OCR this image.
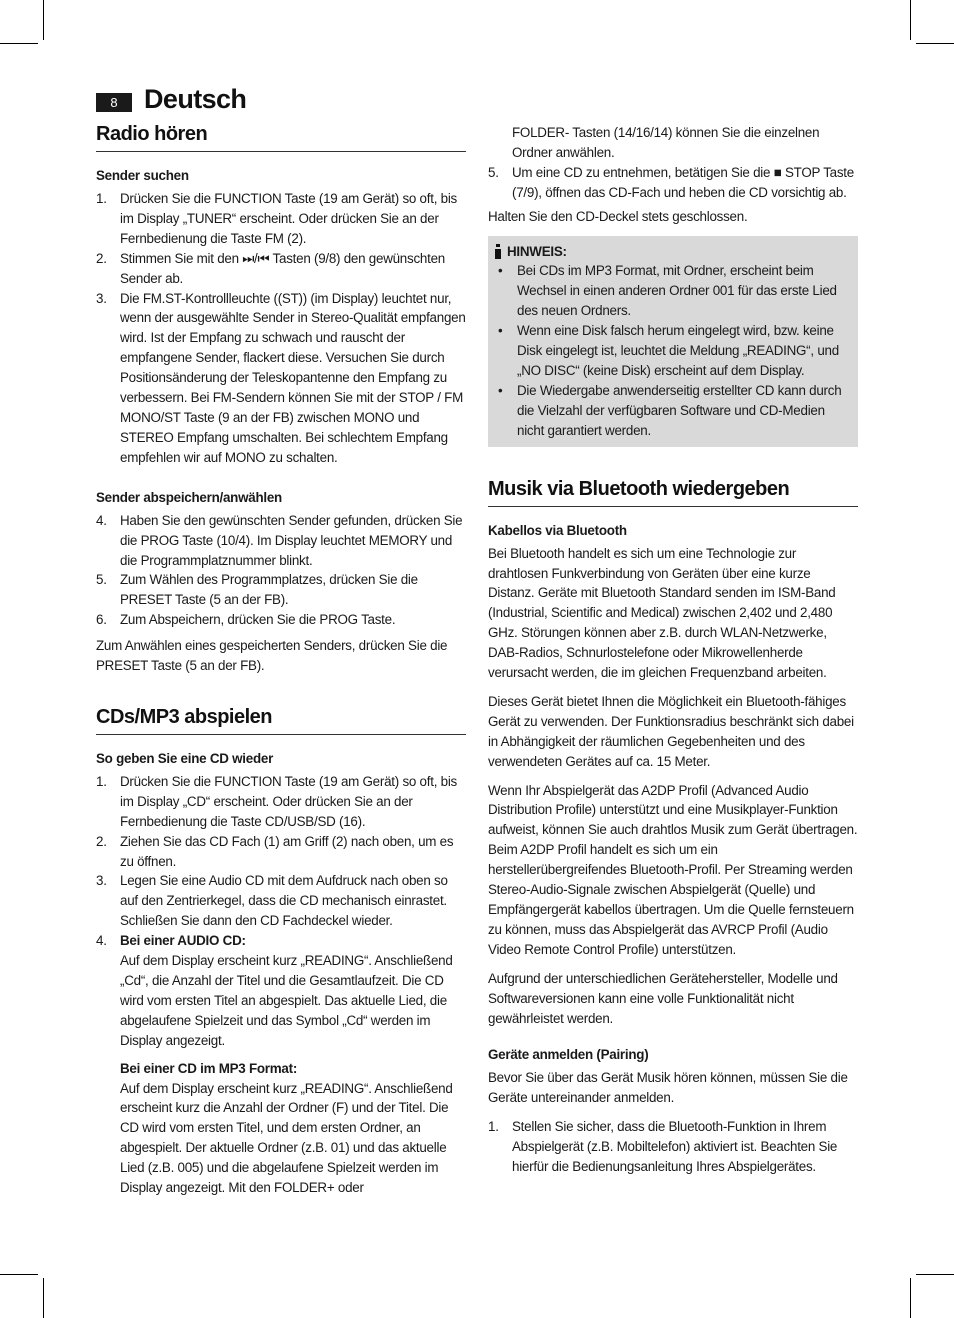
8 Deutsch
Radio hören
Sender suchen
1. Drücken Sie die FUNCTION Taste (19 am Gerät) so oft, bis im Display „TUNER“ erscheint. Oder drücken Sie an der Fernbedienung die Taste FM (2).
2. Stimmen Sie mit den ⏭/⏮ Tasten (9/8) den gewünschten Sender ab.
3. Die FM.ST-Kontrollleuchte ((ST)) (im Display) leuchtet nur, wenn der ausgewählte Sender in Stereo-Qualität empfangen wird. Ist der Empfang zu schwach und rauscht der empfangene Sender, flackert diese. Versuchen Sie durch Positionsänderung der Teleskopantenne den Empfang zu verbessern. Bei FM-Sendern können Sie mit der STOP / FM MONO/ST Taste (9 an der FB) zwischen MONO und STEREO Empfang umschalten. Bei schlechtem Empfang empfehlen wir auf MONO zu schalten.
Sender abspeichern/anwählen
4. Haben Sie den gewünschten Sender gefunden, drücken Sie die PROG Taste (10/4). Im Display leuchtet MEMORY und die Programmplatznummer blinkt.
5. Zum Wählen des Programmplatzes, drücken Sie die PRESET Taste (5 an der FB).
6. Zum Abspeichern, drücken Sie die PROG Taste.

Zum Anwählen eines gespeicherten Senders, drücken Sie die PRESET Taste (5 an der FB).

CDs/MP3 abspielen
So geben Sie eine CD wieder
1. Drücken Sie die FUNCTION Taste (19 am Gerät) so oft, bis im Display „CD“ erscheint. Oder drücken Sie an der Fernbedienung die Taste CD/USB/SD (16).
2. Ziehen Sie das CD Fach (1) am Griff (2) nach oben, um es zu öffnen.
3. Legen Sie eine Audio CD mit dem Aufdruck nach oben so auf den Zentrierkegel, dass die CD mechanisch einrastet. Schließen Sie dann den CD Fachdeckel wieder.
4. Bei einer AUDIO CD:
Auf dem Display erscheint kurz „READING“. Anschließend „Cd“, die Anzahl der Titel und die Gesamtlaufzeit. Die CD wird vom ersten Titel an abgespielt. Das aktuelle Lied, die abgelaufene Spielzeit und das Symbol „Cd“ werden im Display angezeigt.
Bei einer CD im MP3 Format:
Auf dem Display erscheint kurz „READING“. Anschließend erscheint kurz die Anzahl der Ordner (F) und der Titel. Die CD wird vom ersten Titel, und dem ersten Ordner, an abgespielt. Der aktuelle Ordner (z.B. 01) und das aktuelle Lied (z.B. 005) und die abgelaufene Spielzeit werden im Display angezeigt. Mit den FOLDER+ oder
FOLDER- Tasten (14/16/14) können Sie die einzelnen Ordner anwählen.
5. Um eine CD zu entnehmen, betätigen Sie die ■ STOP Taste (7/9), öffnen das CD-Fach und heben die CD vorsichtig ab.

Halten Sie den CD-Deckel stets geschlossen.

HINWEIS:
• Bei CDs im MP3 Format, mit Ordner, erscheint beim Wechsel in einen anderen Ordner 001 für das erste Lied des neuen Ordners.
• Wenn eine Disk falsch herum eingelegt wird, bzw. keine Disk eingelegt ist, leuchtet die Meldung „READING“, und „NO DISC“ (keine Disk) erscheint auf dem Display.
• Die Wiedergabe anwenderseitig erstellter CD kann durch die Vielzahl der verfügbaren Software und CD-Medien nicht garantiert werden.
Musik via Bluetooth wiedergeben
Kabellos via Bluetooth

Bei Bluetooth handelt es sich um eine Technologie zur drahtlosen Funkverbindung von Geräten über eine kurze Distanz. Geräte mit Bluetooth Standard senden im ISM-Band (Industrial, Scientific and Medical) zwischen 2,402 und 2,480 GHz. Störungen können aber z.B. durch WLAN-Netzwerke, DAB-Radios, Schnurlostelefone oder Mikrowellenherde verursacht werden, die im gleichen Frequenzband arbeiten.

Dieses Gerät bietet Ihnen die Möglichkeit ein Bluetooth-fähiges Gerät zu verwenden. Der Funktionsradius beschränkt sich dabei in Abhängigkeit der räumlichen Gegebenheiten und des verwendeten Gerätes auf ca. 15 Meter.

Wenn Ihr Abspielgerät das A2DP Profil (Advanced Audio Distribution Profile) unterstützt und eine Musikplayer-Funktion aufweist, können Sie auch drahtlos Musik zum Gerät übertragen. Beim A2DP Profil handelt es sich um ein herstellerübergreifendes Bluetooth-Profil. Per Streaming werden Stereo-Audio-Signale zwischen Abspielgerät (Quelle) und Empfängergerät kabellos übertragen. Um die Quelle fernsteuern zu können, muss das Abspielgerät das AVRCP Profil (Audio Video Remote Control Profile) unterstützen.

Aufgrund der unterschiedlichen Gerätehersteller, Modelle und Softwareversionen kann eine volle Funktionalität nicht gewährleistet werden.

Geräte anmelden (Pairing)

Bevor Sie über das Gerät Musik hören können, müssen Sie die Geräte untereinander anmelden.

1. Stellen Sie sicher, dass die Bluetooth-Funktion in Ihrem Abspielgerät (z.B. Mobiltelefon) aktiviert ist. Beachten Sie hierfür die Bedienungsanleitung Ihres Abspielgerätes.
